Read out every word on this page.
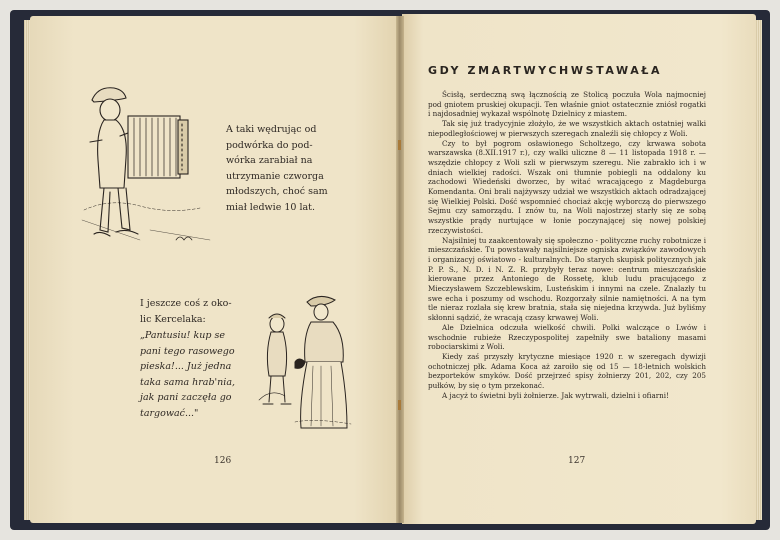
A taki wędrując od
podwórka do pod-
wórka zarabiał na
utrzymanie czworga
młodszych, choć sam
miał ledwie 10 lat.
I jeszcze coś z oko-
lic Kercelaka:
„Pantusiu! kup se
pani tego rasowego
pieska!... Już jedna
taka sama hrab'nia,
jak pani zaczęła go
targować..."
126
GDY ZMARTWYCHWSTAWAŁA

Ścisłą, serdeczną swą łącznością ze Stolicą poczuła Wola najmocniej pod gniotem pruskiej okupacji. Ten właśnie gniot ostatecznie zniósł rogatki i najdosadniej wykazał wspólnotę Dzielnicy z miastem.

Tak się już tradycyjnie złożyło, że we wszystkich aktach ostatniej walki niepodległościowej w pierwszych szeregach znaleźli się chłopcy z Woli.

Czy to był pogrom osławionego Scholtzego, czy krwawa sobota warszawska (8.XII.1917 r.), czy walki uliczne 8 — 11 listopada 1918 r. — wszędzie chłopcy z Woli szli w pierwszym szeregu. Nie zabrakło ich i w dniach wielkiej radości. Wszak oni tłumnie pobiegli na oddalony ku zachodowi Wiedeński dworzec, by witać wracającego z Magdeburga Komendanta. Oni brali najżywszy udział we wszystkich aktach odradzającej się Wielkiej Polski. Dość wspomnieć chociaż akcję wyborczą do pierwszego Sejmu czy samorządu. I znów tu, na Woli najostrzej starły się ze sobą wszystkie prądy nurtujące w łonie poczynającej się nowej polskiej rzeczywistości.

Najsilniej tu zaakcentowały się społeczno - polityczne ruchy robotnicze i mieszczańskie. Tu powstawały najsilniejsze ogniska związków zawodowych i organizacyj oświatowo - kulturalnych. Do starych skupisk politycznych jak P. P. S., N. D. i N. Z. R. przybyły teraz nowe: centrum mieszczańskie kierowane przez Antoniego de Rossetę, klub ludu pracującego z Mieczysławem Szczeblewskim, Lusteńskim i innymi na czele. Znalazły tu swe echa i poszumy od wschodu. Rozgorzały silnie namiętności. A na tym tle nieraz rozlała się krew bratnia, stała się niejedna krzywda. Już byliśmy skłonni sądzić, że wracają czasy krwawej Woli.

Ale Dzielnica odczuła wielkość chwili. Polki walczące o Lwów i wschodnie rubieże Rzeczypospolitej zapełniły swe bataliony masami robociarskimi z Woli.

Kiedy zaś przyszły krytyczne miesiące 1920 r. w szeregach dywizji ochotniczej płk. Adama Koca aż zaroiło się od 15 — 18-letnich wolskich bezporteków smyków. Dość przejrzeć spisy żołnierzy 201, 202, czy 205 pułków, by się o tym przekonać.

A jacyż to świetni byli żołnierze. Jak wytrwali, dzielni i ofiarni!

127
